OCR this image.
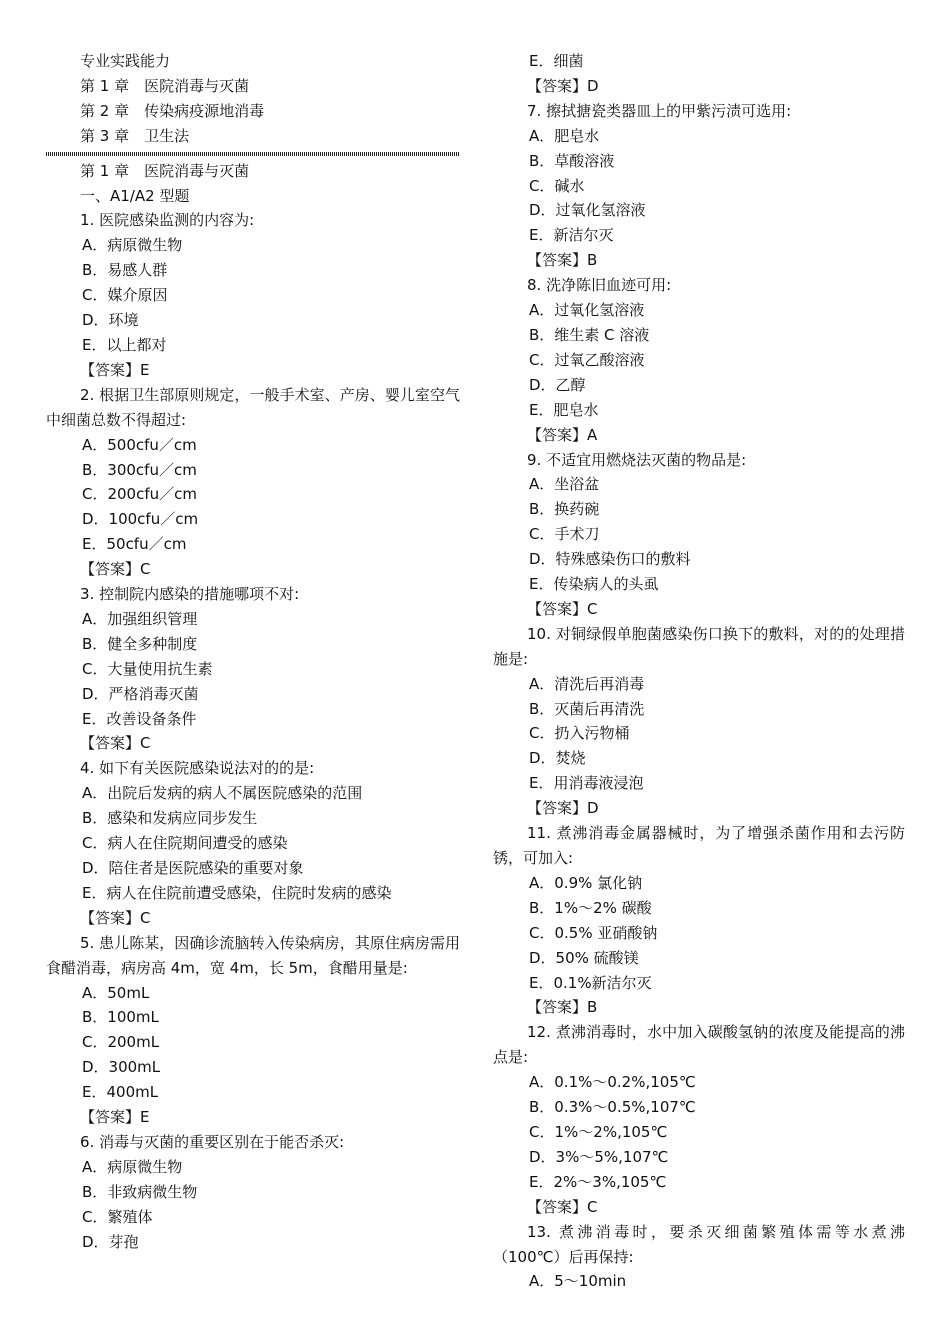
专业实践能力
第 1 章　医院消毒与灭菌
第 2 章　传染病疫源地消毒
第 3 章　卫生法
第 1 章　医院消毒与灭菌
一、A1/A2 型题
1. 医院感染监测的内容为:
A．病原微生物
B．易感人群
C．媒介原因
D．环境
E．以上都对
【答案】E
2. 根据卫生部原则规定，一般手术室、产房、婴儿室空气中细菌总数不得超过:
A．500cfu／cm
B．300cfu／cm
C．200cfu／cm
D．100cfu／cm
E．50cfu／cm
【答案】C
3. 控制院内感染的措施哪项不对:
A．加强组织管理
B．健全多种制度
C．大量使用抗生素
D．严格消毒灭菌
E．改善设备条件
【答案】C
4. 如下有关医院感染说法对的的是:
A．出院后发病的病人不属医院感染的范围
B．感染和发病应同步发生
C．病人在住院期间遭受的感染
D．陪住者是医院感染的重要对象
E．病人在住院前遭受感染，住院时发病的感染
【答案】C
5. 患儿陈某，因确诊流脑转入传染病房，其原住病房需用食醋消毒，病房高 4m，宽 4m，长 5m，食醋用量是:
A．50mL
B．100mL
C．200mL
D．300mL
E．400mL
【答案】E
6. 消毒与灭菌的重要区别在于能否杀灭:
A．病原微生物
B．非致病微生物
C．繁殖体
D．芽孢
E．细菌
【答案】D
7. 擦拭搪瓷类器皿上的甲紫污渍可选用:
A．肥皂水
B．草酸溶液
C．碱水
D．过氧化氢溶液
E．新洁尔灭
【答案】B
8. 洗净陈旧血迹可用:
A．过氧化氢溶液
B．维生素 C 溶液
C．过氧乙酸溶液
D．乙醇
E．肥皂水
【答案】A
9. 不适宜用燃烧法灭菌的物品是:
A．坐浴盆
B．换药碗
C．手术刀
D．特殊感染伤口的敷料
E．传染病人的头虱
【答案】C
10. 对铜绿假单胞菌感染伤口换下的敷料，对的的处理措施是:
A．清洗后再消毒
B．灭菌后再清洗
C．扔入污物桶
D．焚烧
E．用消毒液浸泡
【答案】D
11. 煮沸消毒金属器械时，为了增强杀菌作用和去污防锈，可加入:
A．0.9% 氯化钠
B．1%～2% 碳酸
C．0.5% 亚硝酸钠
D．50% 硫酸镁
E．0.1%新洁尔灭
【答案】B
12. 煮沸消毒时，水中加入碳酸氢钠的浓度及能提高的沸点是:
A．0.1%～0.2%,105℃
B．0.3%～0.5%,107℃
C．1%～2%,105℃
D．3%～5%,107℃
E．2%～3%,105℃
【答案】C
13. 煮沸消毒时，要杀灭细菌繁殖体需等水煮沸（100℃）后再保持:
A．5～10min
